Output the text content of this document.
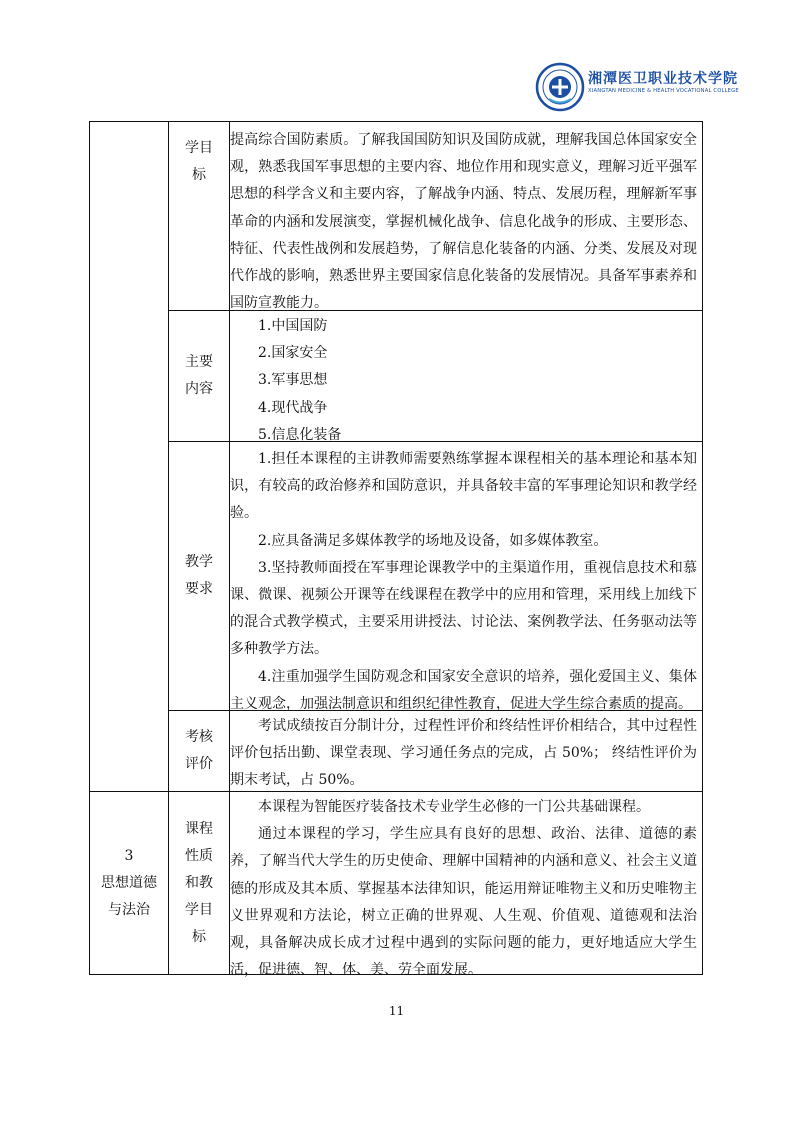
湘潭医卫职业技术学院
XIANGTAN MEDICINE & HEALTH VOCATIONAL COLLEGE
学目
标

提高综合国防素质。了解我国国防知识及国防成就，理解我国总体国家安全观，熟悉我国军事思想的主要内容、地位作用和现实意义，理解习近平强军思想的科学含义和主要内容，了解战争内涵、特点、发展历程，理解新军事革命的内涵和发展演变，掌握机械化战争、信息化战争的形成、主要形态、特征、代表性战例和发展趋势，了解信息化装备的内涵、分类、发展及对现代作战的影响，熟悉世界主要国家信息化装备的发展情况。具备军事素养和国防宣教能力。

主要
内容
1.中国国防
2.国家安全
3.军事思想
4.现代战争
5.信息化装备
教学
要求

1.担任本课程的主讲教师需要熟练掌握本课程相关的基本理论和基本知识，有较高的政治修养和国防意识，并具备较丰富的军事理论知识和教学经验。

2.应具备满足多媒体教学的场地及设备，如多媒体教室。

3.坚持教师面授在军事理论课教学中的主渠道作用，重视信息技术和慕课、微课、视频公开课等在线课程在教学中的应用和管理，采用线上加线下的混合式教学模式，主要采用讲授法、讨论法、案例教学法、任务驱动法等多种教学方法。

4.注重加强学生国防观念和国家安全意识的培养，强化爱国主义、集体主义观念，加强法制意识和组织纪律性教育，促进大学生综合素质的提高。

考核
评价

考试成绩按百分制计分，过程性评价和终结性评价相结合，其中过程性评价包括出勤、课堂表现、学习通任务点的完成，占 50%； 终结性评价为期末考试，占 50%。

3
思想道德
与法治
课程
性质
和教
学目
标

本课程为智能医疗装备技术专业学生必修的一门公共基础课程。

通过本课程的学习，学生应具有良好的思想、政治、法律、道德的素养，了解当代大学生的历史使命、理解中国精神的内涵和意义、社会主义道德的形成及其本质、掌握基本法律知识，能运用辩证唯物主义和历史唯物主义世界观和方法论，树立正确的世界观、人生观、价值观、道德观和法治观，具备解决成长成才过程中遇到的实际问题的能力，更好地适应大学生活，促进德、智、体、美、劳全面发展。

11
